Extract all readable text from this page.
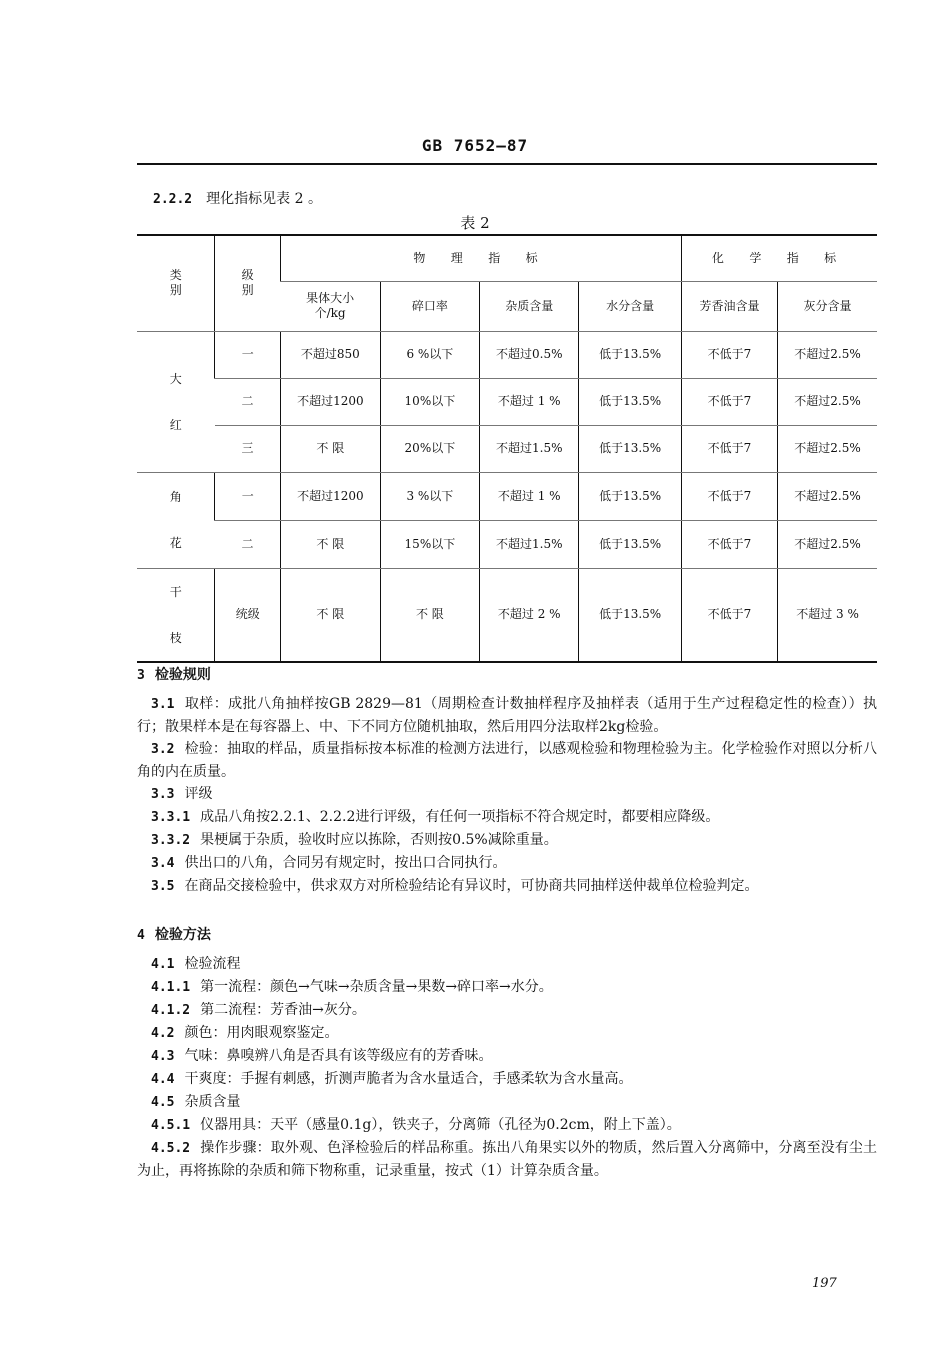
GB 7652—87
2.2.2 理化指标见表 2 。
表 2
类别	级别	物 理 指 标				化 学 指 标	

		果体大小个/kg	碎口率	杂质含量	水分含量	芳香油含量	灰分含量

大红	一	不超过850	6 %以下	不超过0.5%	低于13.5%	不低于7	不超过2.5%
	二	不超过1200	10%以下	不超过 1 %	低于13.5%	不低于7	不超过2.5%
	三	不 限	20%以下	不超过1.5%	低于13.5%	不低于7	不超过2.5%

角花	一	不超过1200	3 %以下	不超过 1 %	低于13.5%	不低于7	不超过2.5%
	二	不 限	15%以下	不超过1.5%	低于13.5%	不低于7	不超过2.5%

干枝	统级	不 限	不 限	不超过 2 %	低于13.5%	不低于7	不超过 3 %

3 检验规则

3.1 取样：成批八角抽样按GB 2829—81（周期检查计数抽样程序及抽样表（适用于生产过程稳定性的检查））执行；散果样本是在每容器上、中、下不同方位随机抽取，然后用四分法取样2kg检验。

3.2 检验：抽取的样品，质量指标按本标准的检测方法进行，以感观检验和物理检验为主。化学检验作对照以分析八角的内在质量。

3.3 评级

3.3.1 成品八角按2.2.1、2.2.2进行评级，有任何一项指标不符合规定时，都要相应降级。

3.3.2 果梗属于杂质，验收时应以拣除，否则按0.5%减除重量。

3.4 供出口的八角，合同另有规定时，按出口合同执行。

3.5 在商品交接检验中，供求双方对所检验结论有异议时，可协商共同抽样送仲裁单位检验判定。

4 检验方法

4.1 检验流程

4.1.1 第一流程：颜色→气味→杂质含量→果数→碎口率→水分。

4.1.2 第二流程：芳香油→灰分。

4.2 颜色：用肉眼观察鉴定。

4.3 气味：鼻嗅辨八角是否具有该等级应有的芳香味。

4.4 干爽度：手握有刺感，折测声脆者为含水量适合，手感柔软为含水量高。

4.5 杂质含量

4.5.1 仪器用具：天平（感量0.1g），铁夹子，分离筛（孔径为0.2cm，附上下盖）。

4.5.2 操作步骤：取外观、色泽检验后的样品称重。拣出八角果实以外的物质，然后置入分离筛中，分离至没有尘土为止，再将拣除的杂质和筛下物称重，记录重量，按式（1）计算杂质含量。

197
